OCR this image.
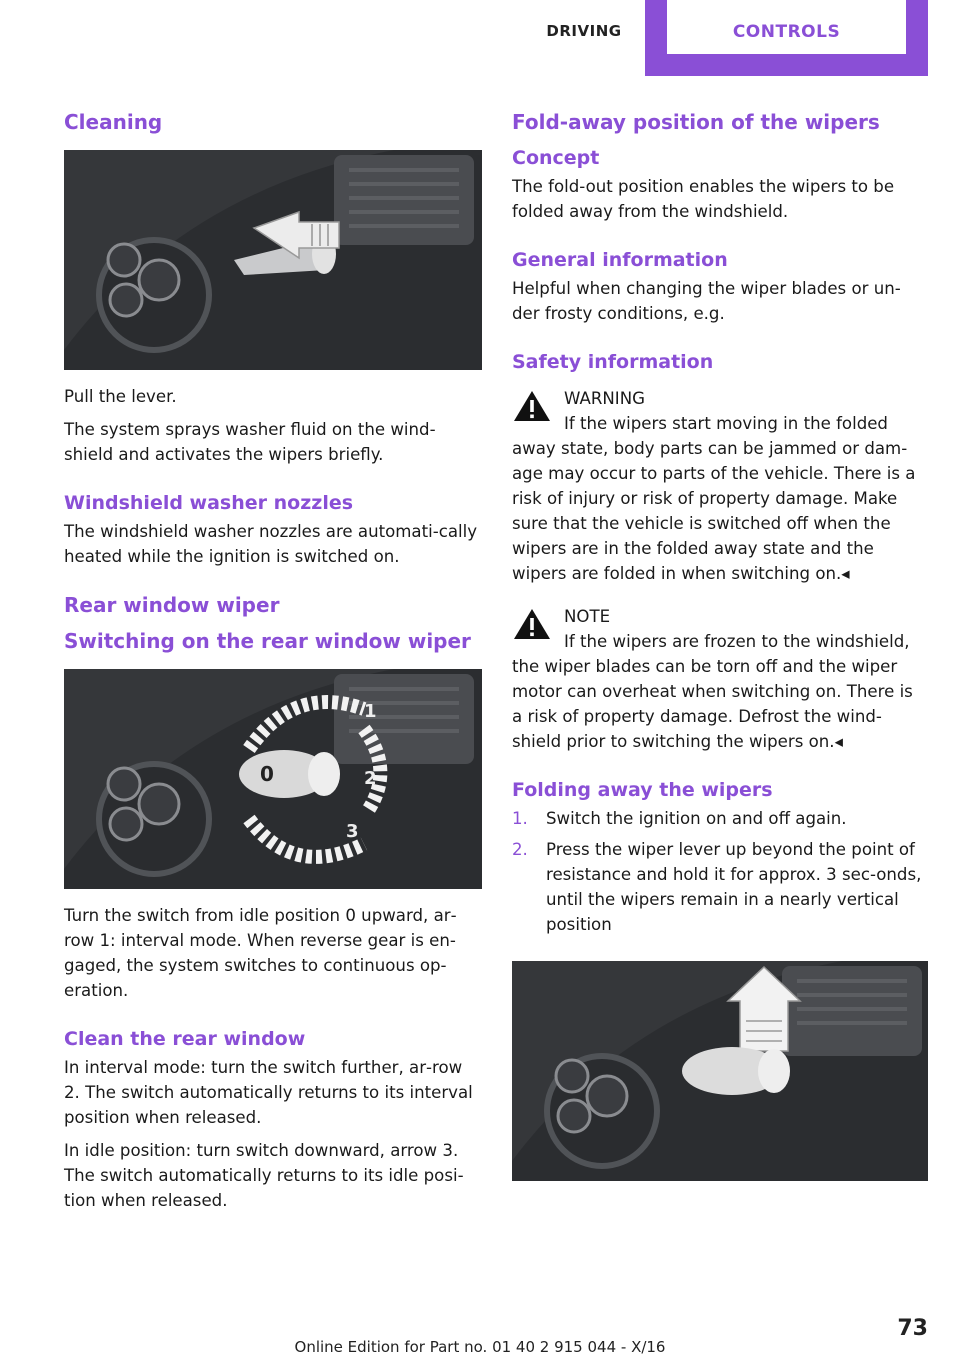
DRIVING	CONTROLS
Cleaning

Pull the lever.

The system sprays washer fluid on the wind‐shield and activates the wipers briefly.

Windshield washer nozzles

The windshield washer nozzles are automati‐cally heated while the ignition is switched on.

Rear window wiper
Switching on the rear window wiper
0
1
2
3

Turn the switch from idle position 0 upward, ar‐row 1: interval mode. When reverse gear is en‐gaged, the system switches to continuous op‐eration.

Clean the rear window

In interval mode: turn the switch further, ar‐row 2. The switch automatically returns to its interval position when released.

In idle position: turn switch downward, arrow 3. The switch automatically returns to its idle posi‐tion when released.

Fold-away position of the wipers
Concept

The fold-out position enables the wipers to be folded away from the windshield.

General information

Helpful when changing the wiper blades or un‐der frosty conditions, e.g.

Safety information
WARNING
If the wipers start moving in the folded
away state, body parts can be jammed or dam‐age may occur to parts of the vehicle. There is a risk of injury or risk of property damage. Make sure that the vehicle is switched off when the wipers are in the folded away state and the wipers are folded in when switching on.◂
NOTE
If the wipers are frozen to the windshield,
the wiper blades can be torn off and the wiper motor can overheat when switching on. There is a risk of property damage. Defrost the wind‐shield prior to switching the wipers on.◂
Folding away the wipers
1. Switch the ignition on and off again.
2. Press the wiper lever up beyond the point of resistance and hold it for approx. 3 sec‐onds, until the wipers remain in a nearly vertical position
73
Online Edition for Part no. 01 40 2 915 044 - X/16
